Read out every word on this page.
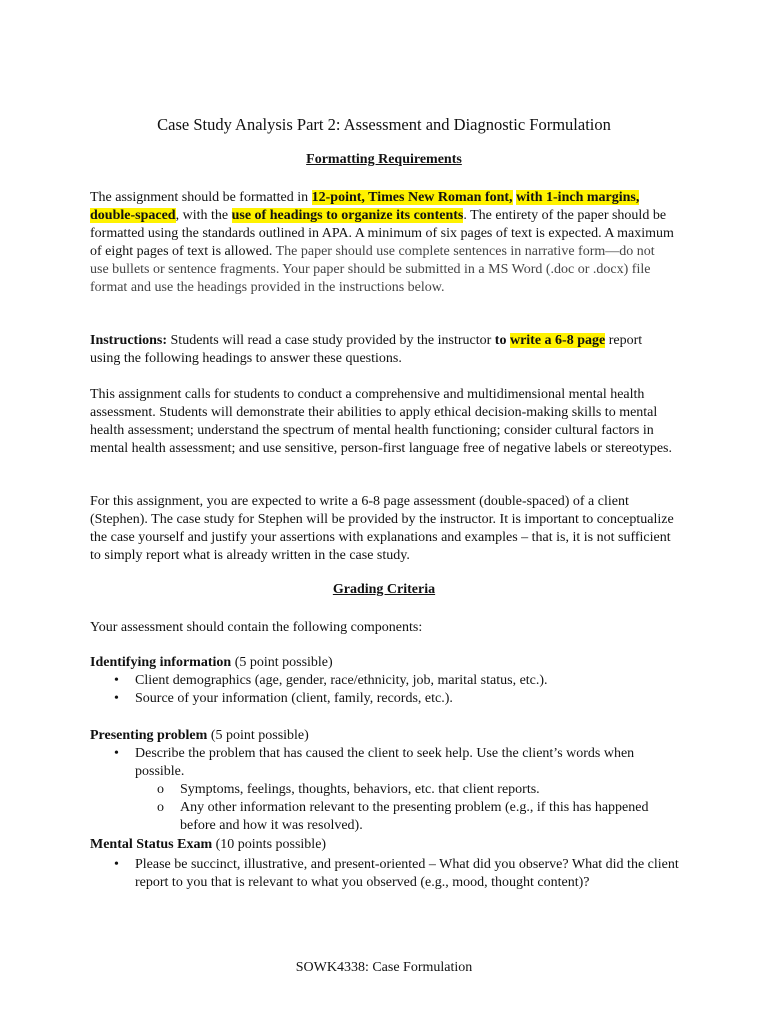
Case Study Analysis Part 2: Assessment and Diagnostic Formulation
Formatting Requirements

The assignment should be formatted in 12-point, Times New Roman font, with 1-inch margins, double-spaced, with the use of headings to organize its contents. The entirety of the paper should be formatted using the standards outlined in APA. A minimum of six pages of text is expected. A maximum of eight pages of text is allowed. The paper should use complete sentences in narrative form—do not use bullets or sentence fragments. Your paper should be submitted in a MS Word (.doc or .docx) file format and use the headings provided in the instructions below.

Instructions: Students will read a case study provided by the instructor to write a 6-8 page report using the following headings to answer these questions.

This assignment calls for students to conduct a comprehensive and multidimensional mental health assessment. Students will demonstrate their abilities to apply ethical decision-making skills to mental health assessment; understand the spectrum of mental health functioning; consider cultural factors in mental health assessment; and use sensitive, person-first language free of negative labels or stereotypes.

For this assignment, you are expected to write a 6-8 page assessment (double-spaced) of a client (Stephen). The case study for Stephen will be provided by the instructor. It is important to conceptualize the case yourself and justify your assertions with explanations and examples – that is, it is not sufficient to simply report what is already written in the case study.

Grading Criteria

Your assessment should contain the following components:

Identifying information (5 point possible)

• Client demographics (age, gender, race/ethnicity, job, marital status, etc.).
• Source of your information (client, family, records, etc.).

Presenting problem (5 point possible)

• Describe the problem that has caused the client to seek help. Use the client’s words when possible.
o Symptoms, feelings, thoughts, behaviors, etc. that client reports.
o Any other information relevant to the presenting problem (e.g., if this has happened before and how it was resolved).

Mental Status Exam (10 points possible)

• Please be succinct, illustrative, and present-oriented – What did you observe? What did the client report to you that is relevant to what you observed (e.g., mood, thought content)?
SOWK4338: Case Formulation
